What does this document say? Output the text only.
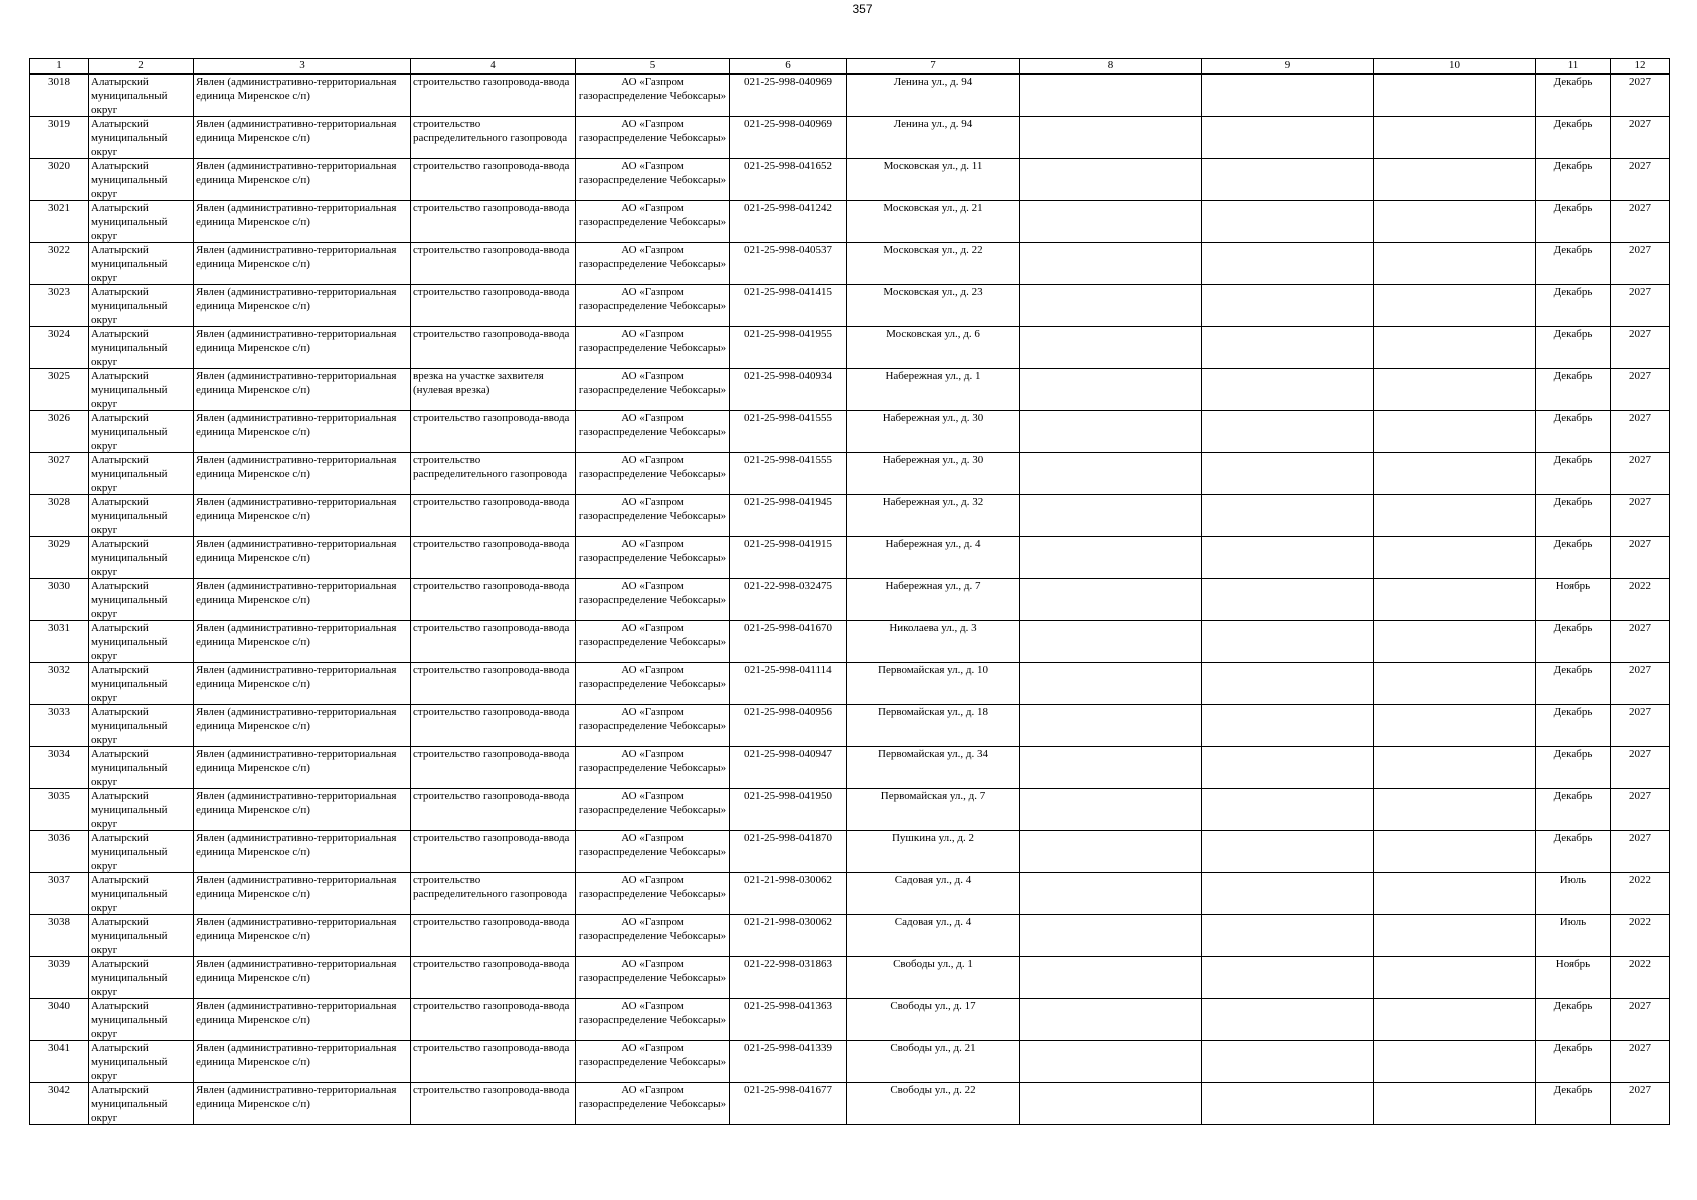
357
1	2	3	4	5	6	7	8	9	10	11	12

3018	Алатырский муниципальный округ	Явлен (административно-территориальная единица Миренское с/п)	строительство газопровода-ввода	АО «Газпром газораспределение Чебоксары»	021-25-998-040969	Ленина ул., д. 94				Декабрь	2027

3019	Алатырский муниципальный округ	Явлен (административно-территориальная единица Миренское с/п)	строительство распределительного газопровода	АО «Газпром газораспределение Чебоксары»	021-25-998-040969	Ленина ул., д. 94				Декабрь	2027

3020	Алатырский муниципальный округ	Явлен (административно-территориальная единица Миренское с/п)	строительство газопровода-ввода	АО «Газпром газораспределение Чебоксары»	021-25-998-041652	Московская ул., д. 11				Декабрь	2027

3021	Алатырский муниципальный округ	Явлен (административно-территориальная единица Миренское с/п)	строительство газопровода-ввода	АО «Газпром газораспределение Чебоксары»	021-25-998-041242	Московская ул., д. 21				Декабрь	2027

3022	Алатырский муниципальный округ	Явлен (административно-территориальная единица Миренское с/п)	строительство газопровода-ввода	АО «Газпром газораспределение Чебоксары»	021-25-998-040537	Московская ул., д. 22				Декабрь	2027

3023	Алатырский муниципальный округ	Явлен (административно-территориальная единица Миренское с/п)	строительство газопровода-ввода	АО «Газпром газораспределение Чебоксары»	021-25-998-041415	Московская ул., д. 23				Декабрь	2027

3024	Алатырский муниципальный округ	Явлен (административно-территориальная единица Миренское с/п)	строительство газопровода-ввода	АО «Газпром газораспределение Чебоксары»	021-25-998-041955	Московская ул., д. 6				Декабрь	2027

3025	Алатырский муниципальный округ	Явлен (административно-территориальная единица Миренское с/п)	врезка на участке захвителя (нулевая врезка)	АО «Газпром газораспределение Чебоксары»	021-25-998-040934	Набережная ул., д. 1				Декабрь	2027

3026	Алатырский муниципальный округ	Явлен (административно-территориальная единица Миренское с/п)	строительство газопровода-ввода	АО «Газпром газораспределение Чебоксары»	021-25-998-041555	Набережная ул., д. 30				Декабрь	2027

3027	Алатырский муниципальный округ	Явлен (административно-территориальная единица Миренское с/п)	строительство распределительного газопровода	АО «Газпром газораспределение Чебоксары»	021-25-998-041555	Набережная ул., д. 30				Декабрь	2027

3028	Алатырский муниципальный округ	Явлен (административно-территориальная единица Миренское с/п)	строительство газопровода-ввода	АО «Газпром газораспределение Чебоксары»	021-25-998-041945	Набережная ул., д. 32				Декабрь	2027

3029	Алатырский муниципальный округ	Явлен (административно-территориальная единица Миренское с/п)	строительство газопровода-ввода	АО «Газпром газораспределение Чебоксары»	021-25-998-041915	Набережная ул., д. 4				Декабрь	2027

3030	Алатырский муниципальный округ	Явлен (административно-территориальная единица Миренское с/п)	строительство газопровода-ввода	АО «Газпром газораспределение Чебоксары»	021-22-998-032475	Набережная ул., д. 7				Ноябрь	2022

3031	Алатырский муниципальный округ	Явлен (административно-территориальная единица Миренское с/п)	строительство газопровода-ввода	АО «Газпром газораспределение Чебоксары»	021-25-998-041670	Николаева ул., д. 3				Декабрь	2027

3032	Алатырский муниципальный округ	Явлен (административно-территориальная единица Миренское с/п)	строительство газопровода-ввода	АО «Газпром газораспределение Чебоксары»	021-25-998-041114	Первомайская ул., д. 10				Декабрь	2027

3033	Алатырский муниципальный округ	Явлен (административно-территориальная единица Миренское с/п)	строительство газопровода-ввода	АО «Газпром газораспределение Чебоксары»	021-25-998-040956	Первомайская ул., д. 18				Декабрь	2027

3034	Алатырский муниципальный округ	Явлен (административно-территориальная единица Миренское с/п)	строительство газопровода-ввода	АО «Газпром газораспределение Чебоксары»	021-25-998-040947	Первомайская ул., д. 34				Декабрь	2027

3035	Алатырский муниципальный округ	Явлен (административно-территориальная единица Миренское с/п)	строительство газопровода-ввода	АО «Газпром газораспределение Чебоксары»	021-25-998-041950	Первомайская ул., д. 7				Декабрь	2027

3036	Алатырский муниципальный округ	Явлен (административно-территориальная единица Миренское с/п)	строительство газопровода-ввода	АО «Газпром газораспределение Чебоксары»	021-25-998-041870	Пушкина ул., д. 2				Декабрь	2027

3037	Алатырский муниципальный округ	Явлен (административно-территориальная единица Миренское с/п)	строительство распределительного газопровода	АО «Газпром газораспределение Чебоксары»	021-21-998-030062	Садовая ул., д. 4				Июль	2022

3038	Алатырский муниципальный округ	Явлен (административно-территориальная единица Миренское с/п)	строительство газопровода-ввода	АО «Газпром газораспределение Чебоксары»	021-21-998-030062	Садовая ул., д. 4				Июль	2022

3039	Алатырский муниципальный округ	Явлен (административно-территориальная единица Миренское с/п)	строительство газопровода-ввода	АО «Газпром газораспределение Чебоксары»	021-22-998-031863	Свободы ул., д. 1				Ноябрь	2022

3040	Алатырский муниципальный округ	Явлен (административно-территориальная единица Миренское с/п)	строительство газопровода-ввода	АО «Газпром газораспределение Чебоксары»	021-25-998-041363	Свободы ул., д. 17				Декабрь	2027

3041	Алатырский муниципальный округ	Явлен (административно-территориальная единица Миренское с/п)	строительство газопровода-ввода	АО «Газпром газораспределение Чебоксары»	021-25-998-041339	Свободы ул., д. 21				Декабрь	2027

3042	Алатырский муниципальный округ	Явлен (административно-территориальная единица Миренское с/п)	строительство газопровода-ввода	АО «Газпром газораспределение Чебоксары»	021-25-998-041677	Свободы ул., д. 22				Декабрь	2027
